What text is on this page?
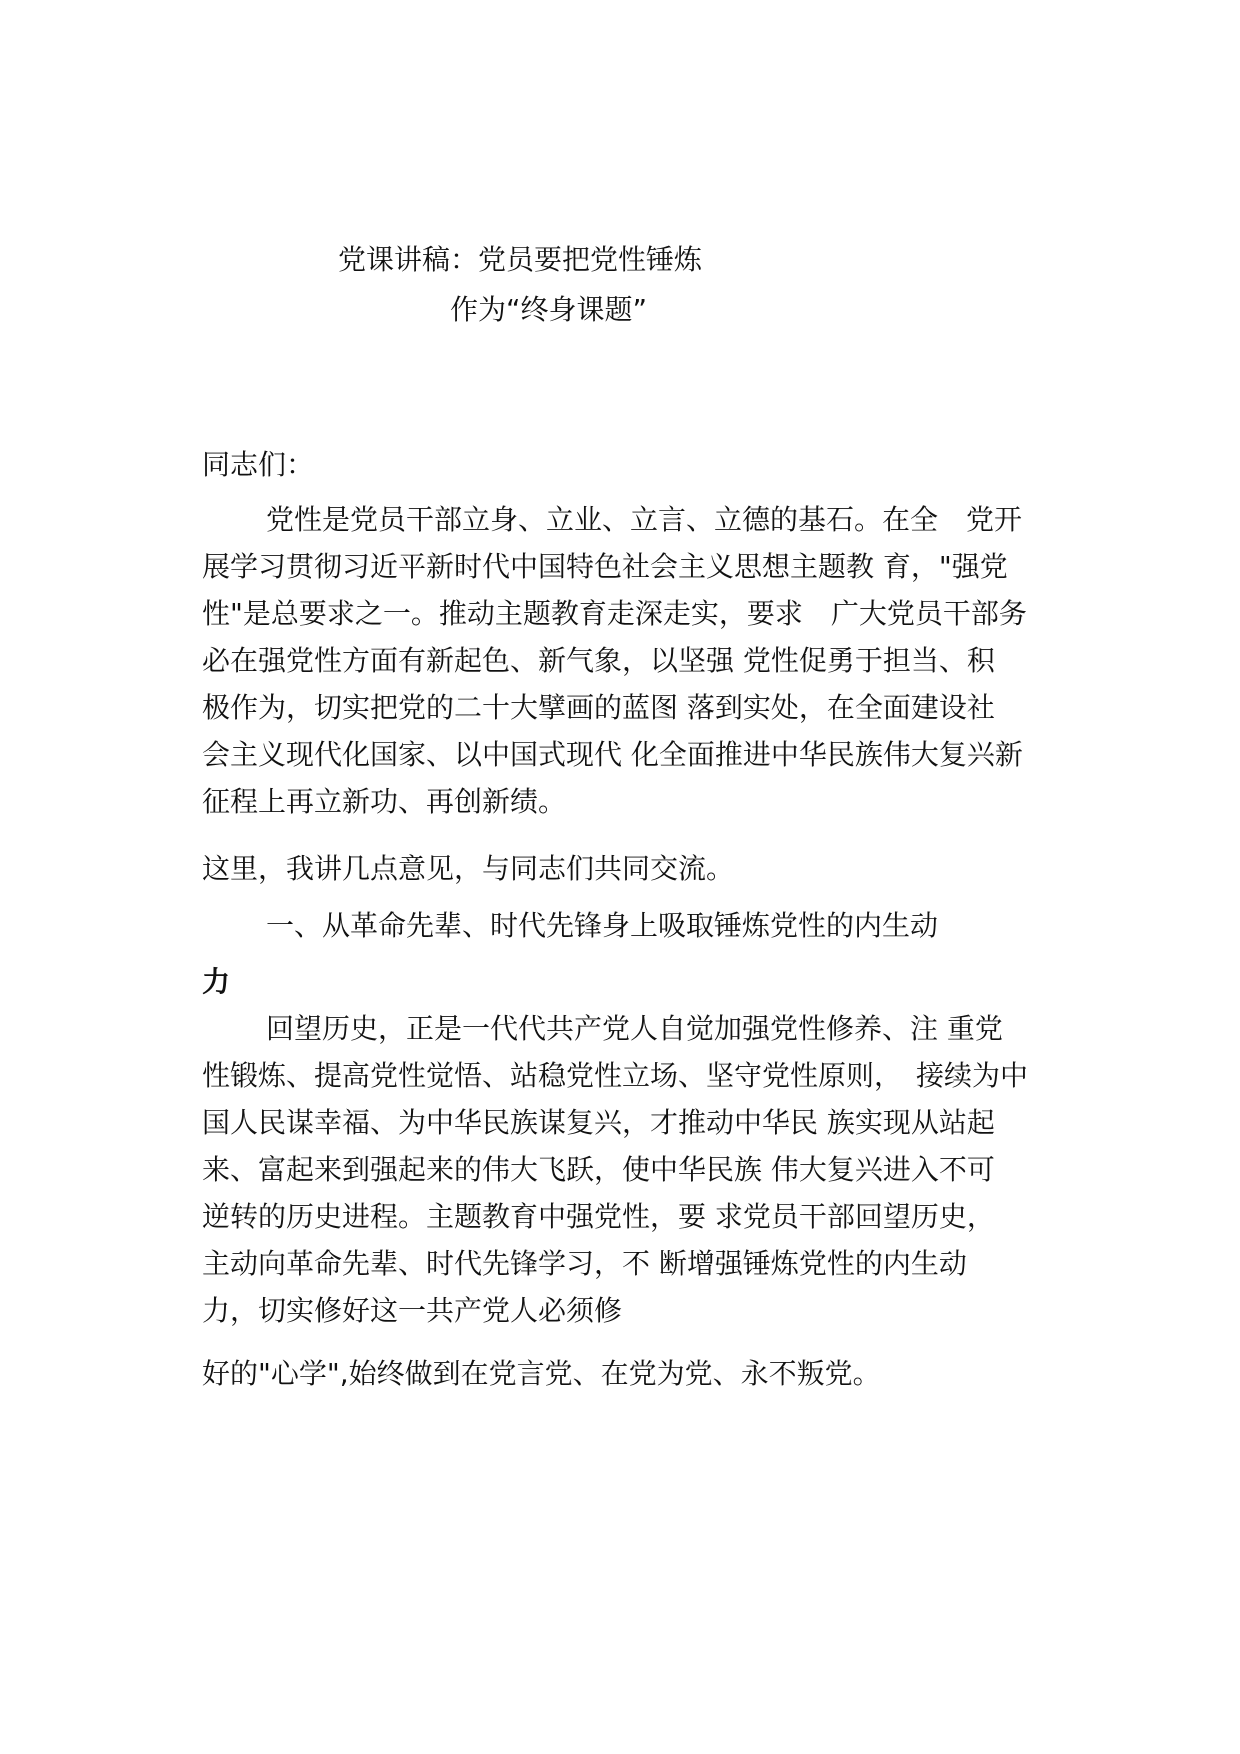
党课讲稿：党员要把党性锤炼
作为“终身课题”
同志们：
党性是党员干部立身、立业、立言、立德的基石。在全　党开
展学习贯彻习近平新时代中国特色社会主义思想主题教 育，"强党
性"是总要求之一。推动主题教育走深走实，要求　广大党员干部务
必在强党性方面有新起色、新气象，以坚强 党性促勇于担当、积
极作为，切实把党的二十大擘画的蓝图 落到实处，在全面建设社
会主义现代化国家、以中国式现代 化全面推进中华民族伟大复兴新
征程上再立新功、再创新绩。
这里，我讲几点意见，与同志们共同交流。
一、从革命先辈、时代先锋身上吸取锤炼党性的内生动
力
回望历史，正是一代代共产党人自觉加强党性修养、注 重党
性锻炼、提高党性觉悟、站稳党性立场、坚守党性原则，　接续为中
国人民谋幸福、为中华民族谋复兴，才推动中华民 族实现从站起
来、富起来到强起来的伟大飞跃，使中华民族 伟大复兴进入不可
逆转的历史进程。主题教育中强党性，要 求党员干部回望历史，
主动向革命先辈、时代先锋学习，不 断增强锤炼党性的内生动
力，切实修好这一共产党人必须修
好的"心学",始终做到在党言党、在党为党、永不叛党。
